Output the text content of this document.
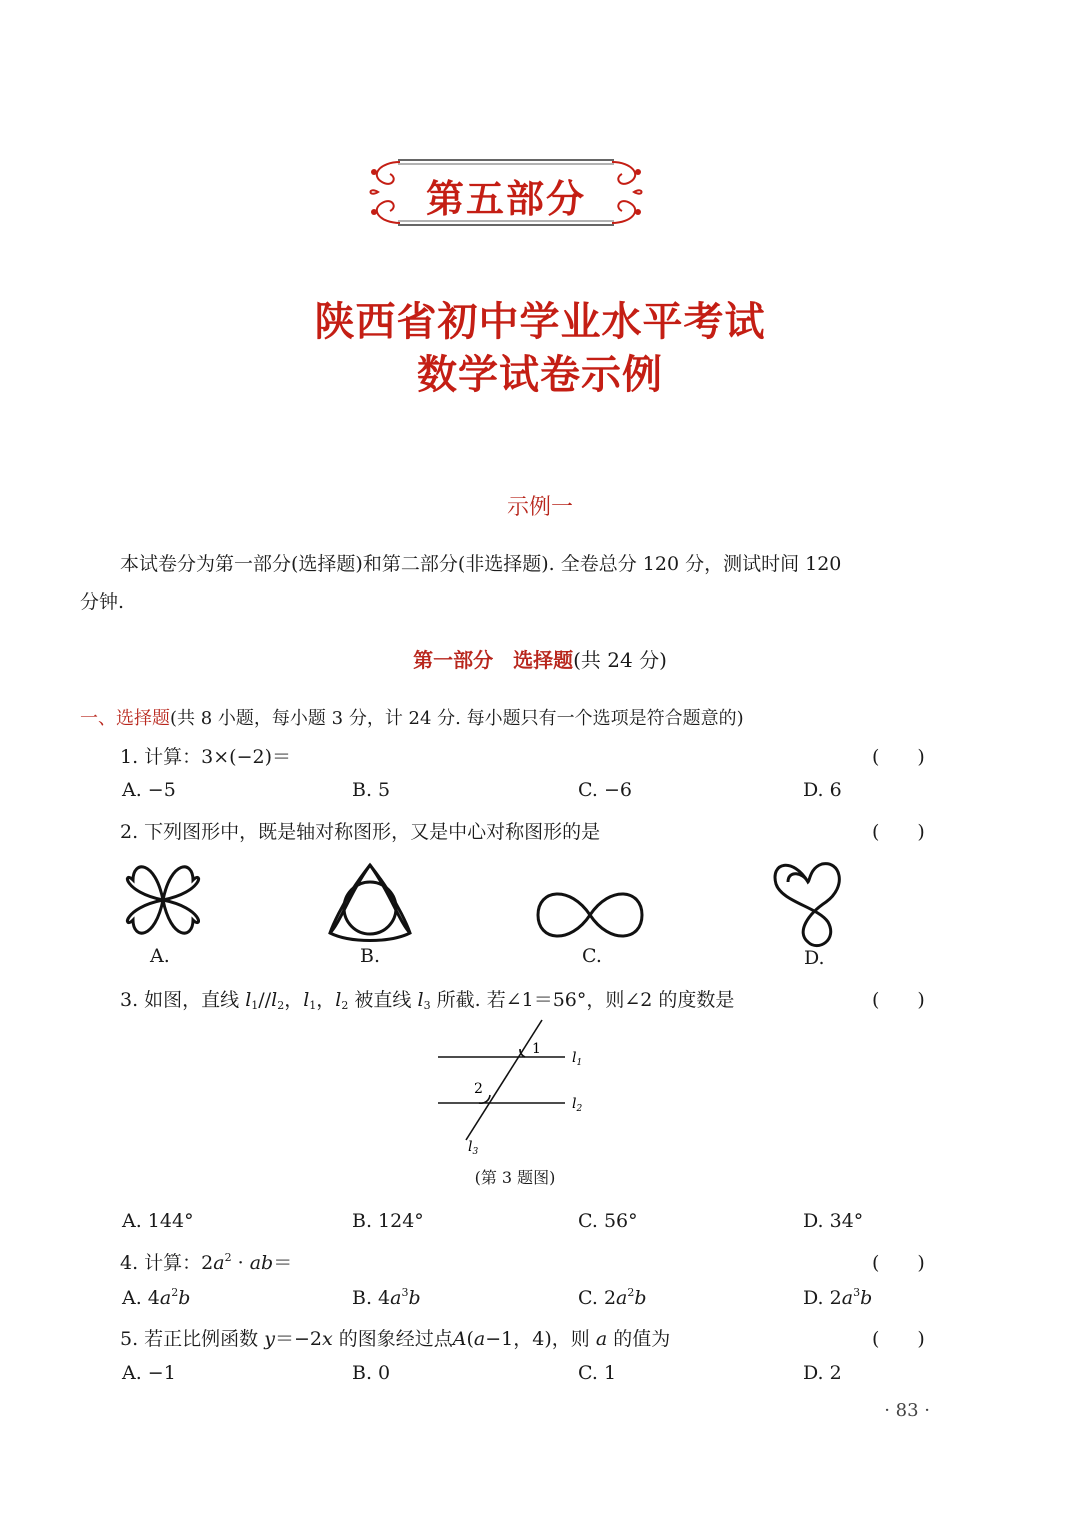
第五部分
陕西省初中学业水平考试
数学试卷示例
示例一
本试卷分为第一部分(选择题)和第二部分(非选择题). 全卷总分 120 分，测试时间 120
分钟.
第一部分　选择题(共 24 分)
一、选择题(共 8 小题，每小题 3 分，计 24 分. 每小题只有一个选项是符合题意的)
1. 计算：3×(−2)＝	(　　)
A. −5	B. 5	C. −6	D. 6
2. 下列图形中，既是轴对称图形，又是中心对称图形的是	(　　)
A.	B.	C.	D.
3. 如图，直线 $l_1//l_2$，$l_1$，$l_2$ 被直线 $l_3$ 所截. 若∠1＝56°，则∠2 的度数是	(　　)
1
2
$l_1$
$l_2$
$l_3$
(第 3 题图)
A. 144°	B. 124°	C. 56°	D. 34°
4. 计算：$2a^2 \cdot ab=$	(　　)
A. $4a^2b$	B. $4a^3b$	C. $2a^2b$	D. $2a^3b$
5. 若正比例函数 y＝−2x 的图象经过点A(a−1，4)，则 a 的值为	(　　)
A. −1	B. 0	C. 1	D. 2
· 83 ·
